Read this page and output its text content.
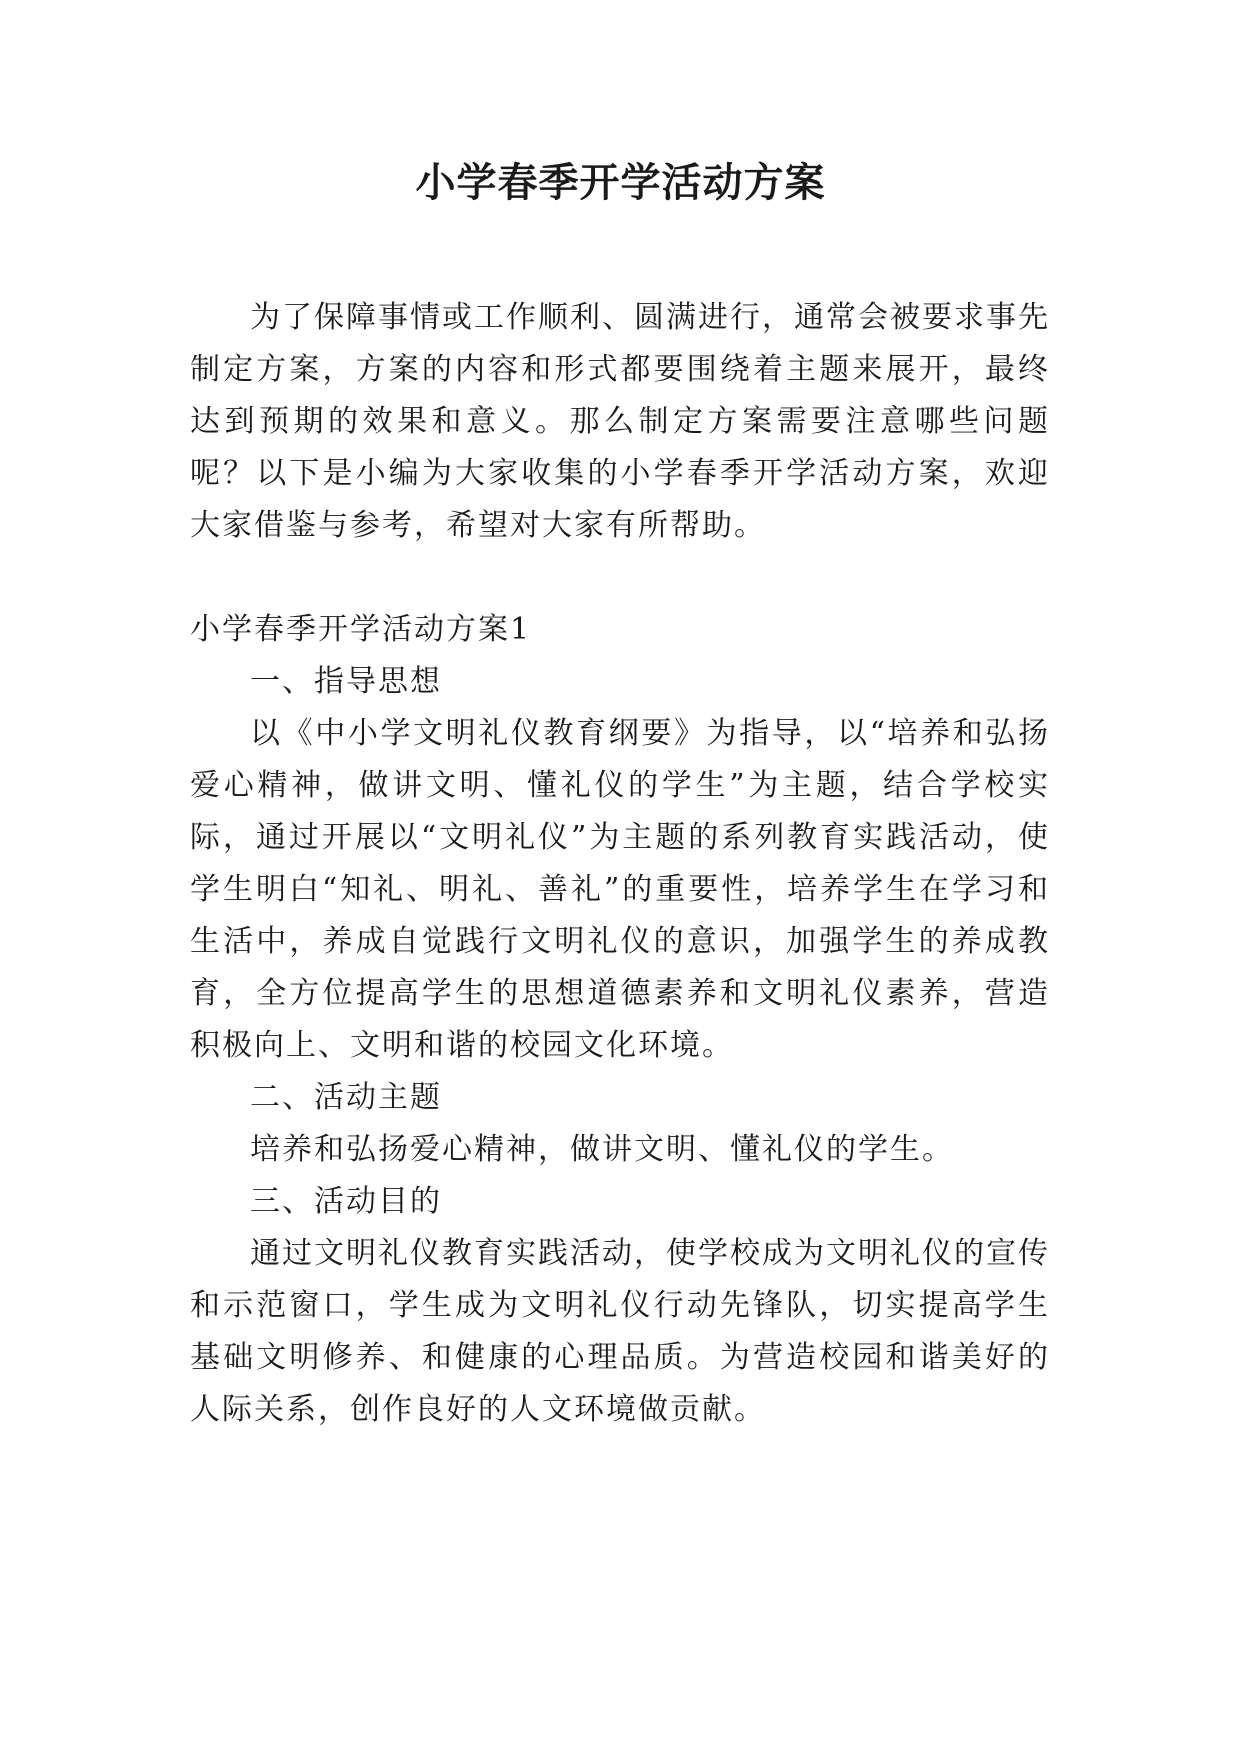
小学春季开学活动方案

为了保障事情或工作顺利、圆满进行，通常会被要求事先制定方案，方案的内容和形式都要围绕着主题来展开，最终达到预期的效果和意义。那么制定方案需要注意哪些问题呢？以下是小编为大家收集的小学春季开学活动方案，欢迎大家借鉴与参考，希望对大家有所帮助。

小学春季开学活动方案1

一、指导思想

以《中小学文明礼仪教育纲要》为指导，以“培养和弘扬爱心精神，做讲文明、懂礼仪的学生”为主题，结合学校实际，通过开展以“文明礼仪”为主题的系列教育实践活动，使学生明白“知礼、明礼、善礼”的重要性，培养学生在学习和生活中，养成自觉践行文明礼仪的意识，加强学生的养成教育，全方位提高学生的思想道德素养和文明礼仪素养，营造积极向上、文明和谐的校园文化环境。

二、活动主题

培养和弘扬爱心精神，做讲文明、懂礼仪的学生。

三、活动目的

通过文明礼仪教育实践活动，使学校成为文明礼仪的宣传和示范窗口，学生成为文明礼仪行动先锋队，切实提高学生基础文明修养、和健康的心理品质。为营造校园和谐美好的人际关系，创作良好的人文环境做贡献。
